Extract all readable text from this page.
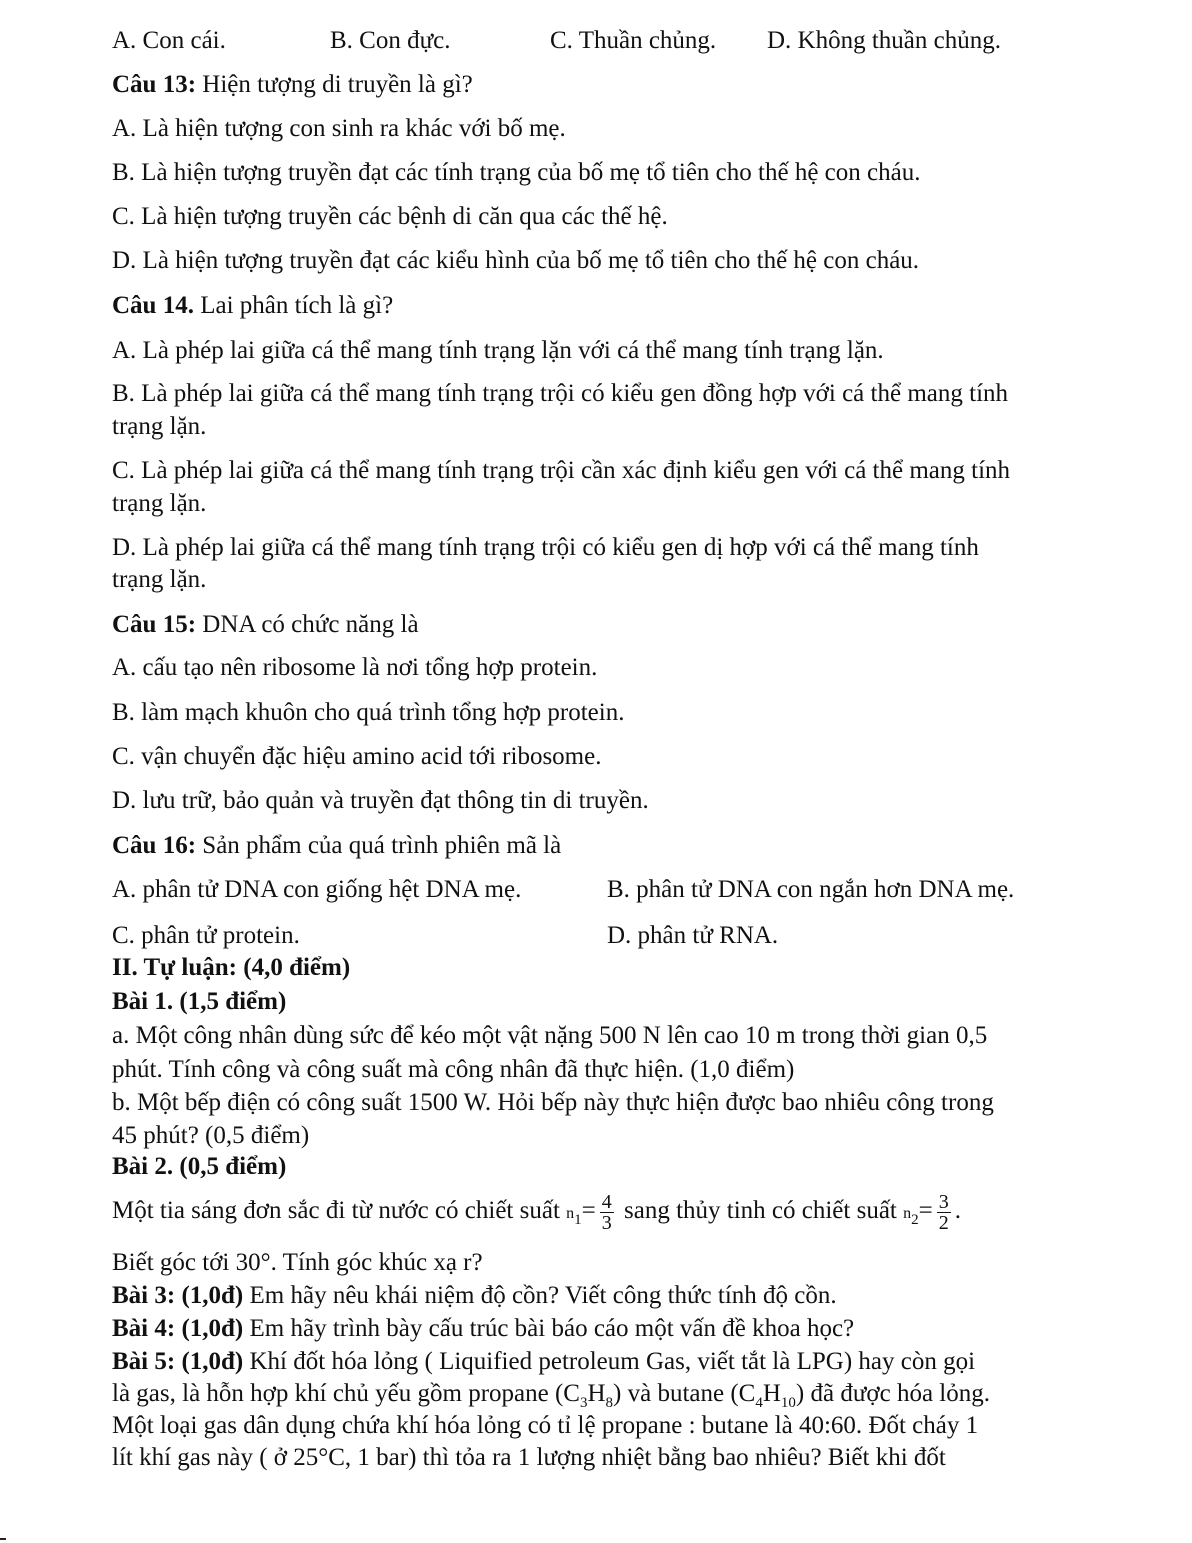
A. Con cái.	B. Con đực.	C. Thuần chủng. D. Không thuần chủng.
Câu 13: Hiện tượng di truyền là gì?
A. Là hiện tượng con sinh ra khác với bố mẹ.
B. Là hiện tượng truyền đạt các tính trạng của bố mẹ tổ tiên cho thế hệ con cháu.
C. Là hiện tượng truyền các bệnh di căn qua các thế hệ.
D. Là hiện tượng truyền đạt các kiểu hình của bố mẹ tổ tiên cho thế hệ con cháu.
Câu 14. Lai phân tích là gì?
A. Là phép lai giữa cá thể mang tính trạng lặn với cá thể mang tính trạng lặn.
B. Là phép lai giữa cá thể mang tính trạng trội có kiểu gen đồng hợp với cá thể mang tính
trạng lặn.
C. Là phép lai giữa cá thể mang tính trạng trội cần xác định kiểu gen với cá thể mang tính
trạng lặn.
D. Là phép lai giữa cá thể mang tính trạng trội có kiểu gen dị hợp với cá thể mang tính
trạng lặn.
Câu 15: DNA có chức năng là
A. cấu tạo nên ribosome là nơi tổng hợp protein.
B. làm mạch khuôn cho quá trình tổng hợp protein.
C. vận chuyển đặc hiệu amino acid tới ribosome.
D. lưu trữ, bảo quản và truyền đạt thông tin di truyền.
Câu 16: Sản phẩm của quá trình phiên mã là
A. phân tử DNA con giống hệt DNA mẹ.	B. phân tử DNA con ngắn hơn DNA mẹ.
C. phân tử protein.	D. phân tử RNA.
II. Tự luận: (4,0 điểm)
Bài 1. (1,5 điểm)
a. Một công nhân dùng sức để kéo một vật nặng 500 N lên cao 10 m trong thời gian 0,5
phút. Tính công và công suất mà công nhân đã thực hiện. (1,0 điểm)
b. Một bếp điện có công suất 1500 W. Hỏi bếp này thực hiện được bao nhiêu công trong
45 phút? (0,5 điểm)
Bài 2. (0,5 điểm)
Một tia sáng đơn sắc đi từ nước có chiết suất $n_1= \frac{4}{3}$ sang thủy tinh có chiết suất $n_2= \frac{3}{2}$ .
Biết góc tới 30°. Tính góc khúc xạ r?
Bài 3: (1,0đ) Em hãy nêu khái niệm độ cồn? Viết công thức tính độ cồn.
Bài 4: (1,0đ) Em hãy trình bày cấu trúc bài báo cáo một vấn đề khoa học?
Bài 5: (1,0đ) Khí đốt hóa lỏng ( Liquified petroleum Gas, viết tắt là LPG) hay còn gọi
là gas, là hỗn hợp khí chủ yếu gồm propane $(C_3H_8)$ và butane $(C_4H_{10})$ đã được hóa lỏng.
Một loại gas dân dụng chứa khí hóa lỏng có tỉ lệ propane : butane là 40:60. Đốt cháy 1
lít khí gas này ( ở 25°C, 1 bar) thì tỏa ra 1 lượng nhiệt bằng bao nhiêu? Biết khi đốt
